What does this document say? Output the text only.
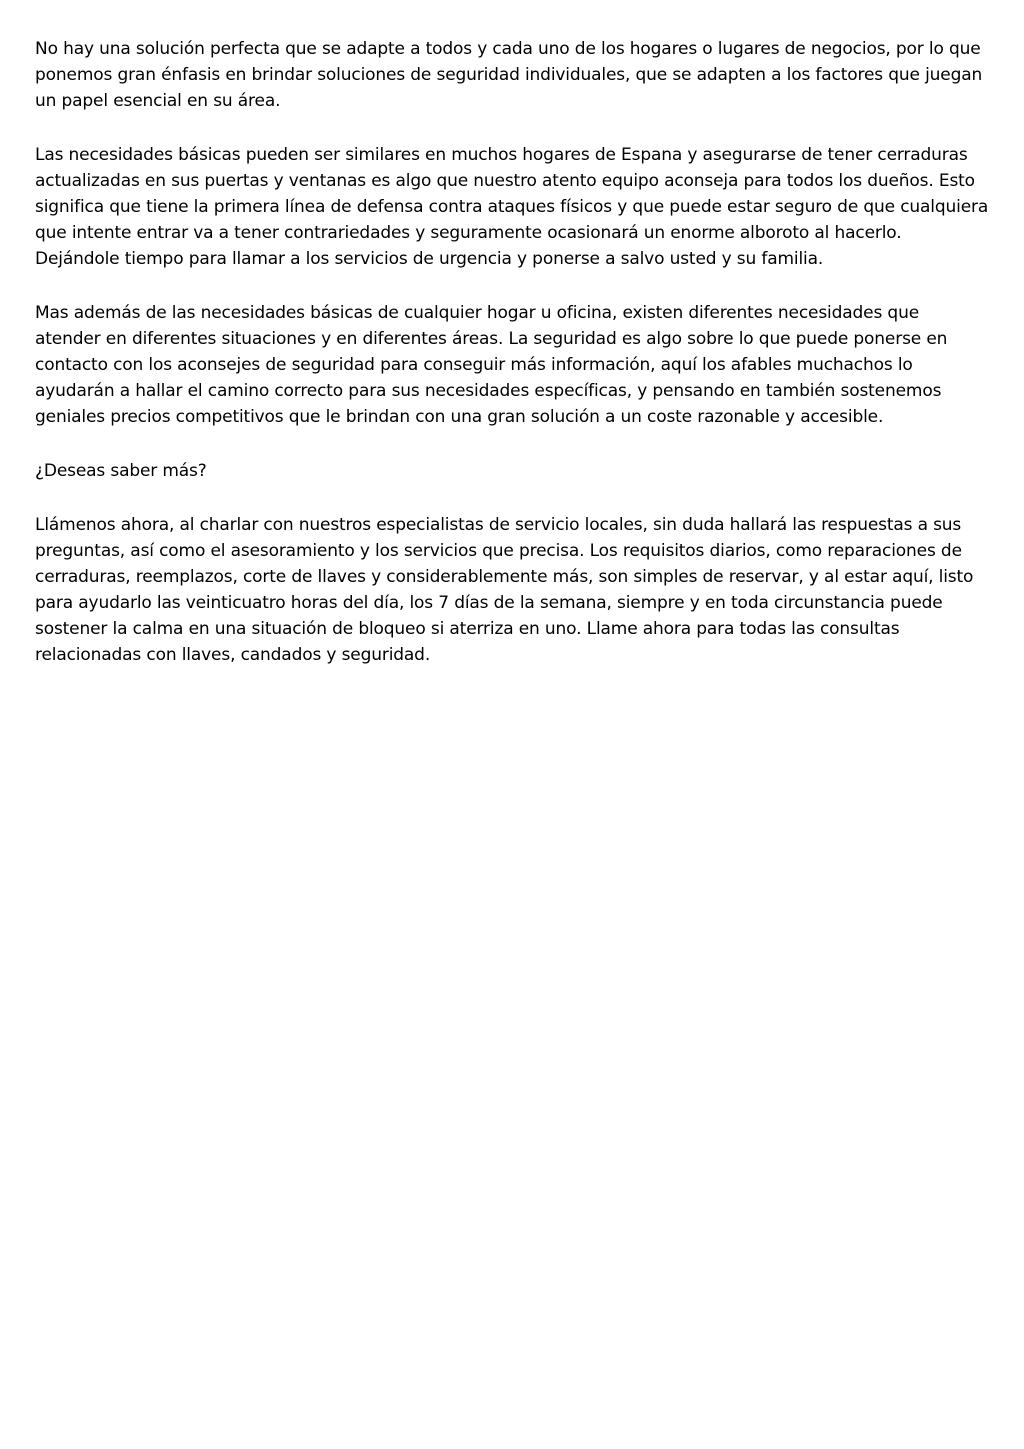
No hay una solución perfecta que se adapte a todos y cada uno de los hogares o lugares de negocios, por lo que ponemos gran énfasis en brindar soluciones de seguridad individuales, que se adapten a los factores que juegan un papel esencial en su área.

Las necesidades básicas pueden ser similares en muchos hogares de Espana y asegurarse de tener cerraduras actualizadas en sus puertas y ventanas es algo que nuestro atento equipo aconseja para todos los dueños. Esto significa que tiene la primera línea de defensa contra ataques físicos y que puede estar seguro de que cualquiera que intente entrar va a tener contrariedades y seguramente ocasionará un enorme alboroto al hacerlo. Dejándole tiempo para llamar a los servicios de urgencia y ponerse a salvo usted y su familia.

Mas además de las necesidades básicas de cualquier hogar u oficina, existen diferentes necesidades que atender en diferentes situaciones y en diferentes áreas. La seguridad es algo sobre lo que puede ponerse en contacto con los aconsejes de seguridad para conseguir más información, aquí los afables muchachos lo ayudarán a hallar el camino correcto para sus necesidades específicas, y pensando en también sostenemos geniales precios competitivos que le brindan con una gran solución a un coste razonable y accesible.

¿Deseas saber más?

Llámenos ahora, al charlar con nuestros especialistas de servicio locales, sin duda hallará las respuestas a sus preguntas, así como el asesoramiento y los servicios que precisa. Los requisitos diarios, como reparaciones de cerraduras, reemplazos, corte de llaves y considerablemente más, son simples de reservar, y al estar aquí, listo para ayudarlo las veinticuatro horas del día, los 7 días de la semana, siempre y en toda circunstancia puede sostener la calma en una situación de bloqueo si aterriza en uno. Llame ahora para todas las consultas relacionadas con llaves, candados y seguridad.
